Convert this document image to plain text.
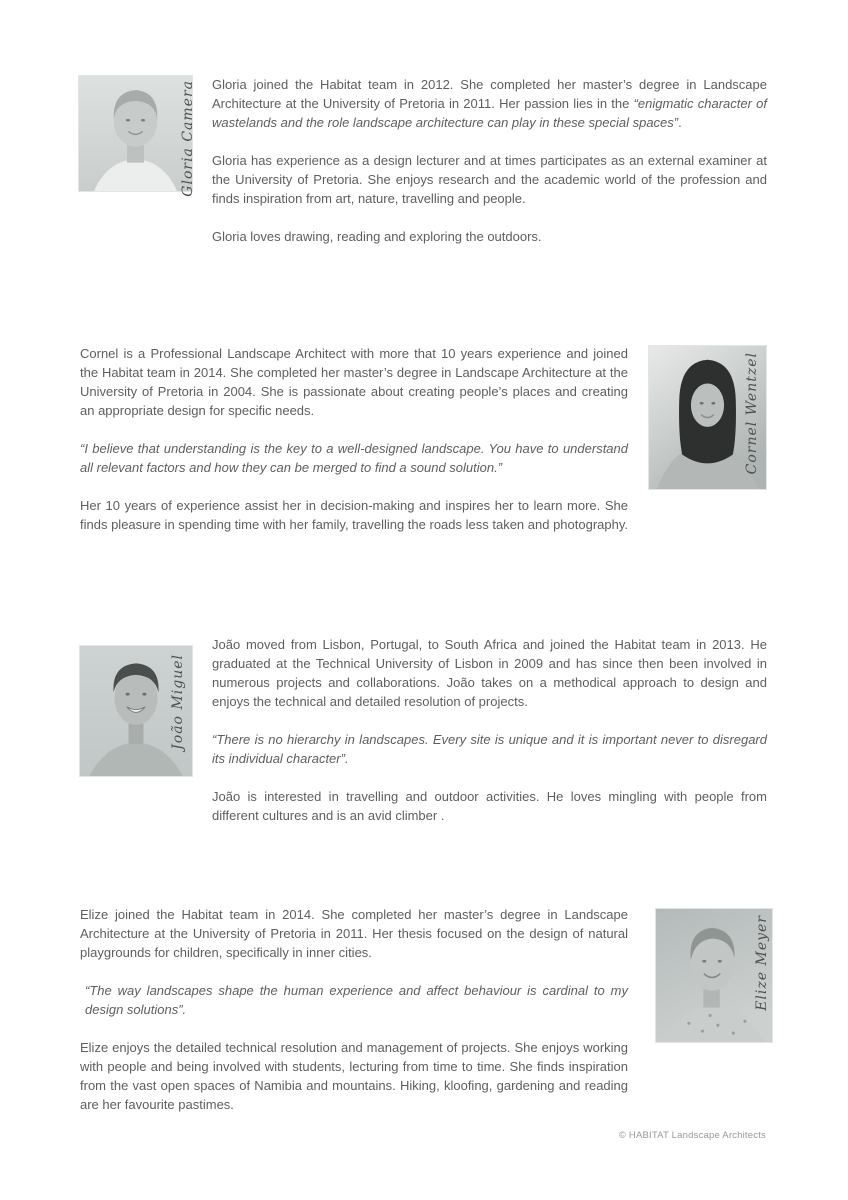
Gloria Camera Gloria joined the Habitat team in 2012. She completed her master’s degree in Landscape Architecture at the University of Pretoria in 2011. Her passion lies in the “enigmatic character of wastelands and the role landscape architecture can play in these special spaces”.

Gloria has experience as a design lecturer and at times participates as an external examiner at the University of Pretoria. She enjoys research and the academic world of the profession and finds inspiration from art, nature, travelling and people.

Gloria loves drawing, reading and exploring the outdoors.

Cornel is a Professional Landscape Architect with more that 10 years experience and joined the Habitat team in 2014. She completed her master’s degree in Landscape Architecture at the University of Pretoria in 2004. She is passionate about creating people’s places and creating an appropriate design for specific needs.

“I believe that understanding is the key to a well-designed landscape. You have to understand all relevant factors and how they can be merged to find a sound solution.”

Her 10 years of experience assist her in decision-making and inspires her to learn more. She finds pleasure in spending time with her family, travelling the roads less taken and photography.

Cornel Wentzel
João Miguel

João moved from Lisbon, Portugal, to South Africa and joined the Habitat team in 2013. He graduated at the Technical University of Lisbon in 2009 and has since then been involved in numerous projects and collaborations. João takes on a methodical approach to design and enjoys the technical and detailed resolution of projects.

“There is no hierarchy in landscapes. Every site is unique and it is important never to disregard its individual character”.

João is interested in travelling and outdoor activities. He loves mingling with people from different cultures and is an avid climber .

Elize joined the Habitat team in 2014. She completed her master’s degree in Landscape Architecture at the University of Pretoria in 2011. Her thesis focused on the design of natural playgrounds for children, specifically in inner cities.

“The way landscapes shape the human experience and affect behaviour is cardinal to my design solutions”.

Elize enjoys the detailed technical resolution and management of projects. She enjoys working with people and being involved with students, lecturing from time to time. She finds inspiration from the vast open spaces of Namibia and mountains. Hiking, kloofing, gardening and reading are her favourite pastimes.

Elize Meyer
© HABITAT Landscape Architects
